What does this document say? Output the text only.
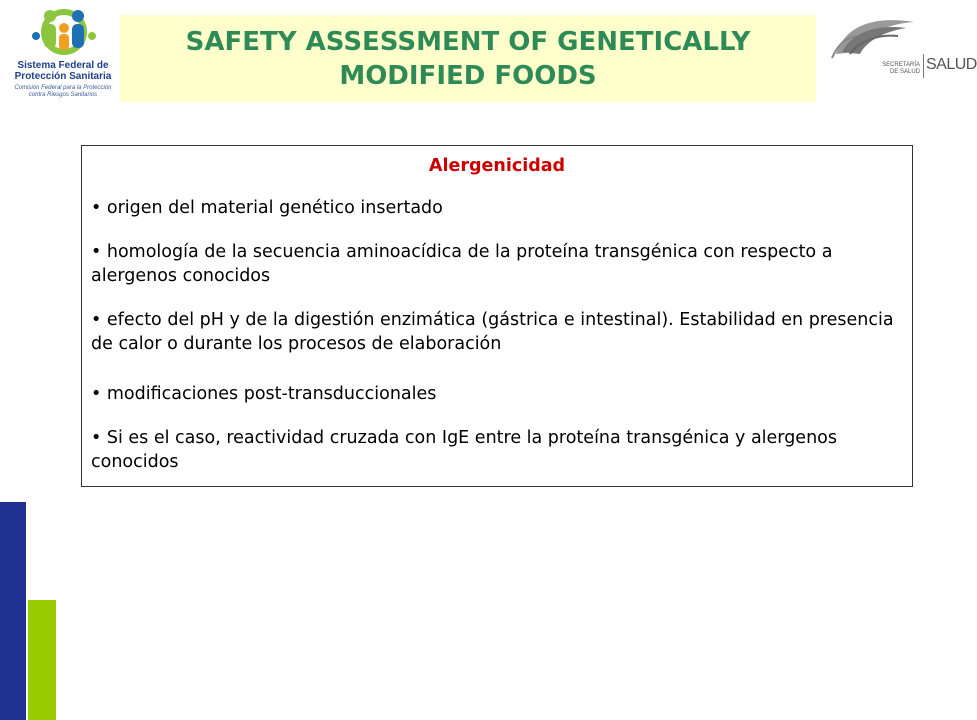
Sistema Federal de Protección Sanitaria
Comisión Federal para la Protección contra Riesgos Sanitarios
SAFETY ASSESSMENT OF GENETICALLY MODIFIED FOODS	SECRETARÍA DE SALUD SALUD
Alergenicidad
• origen del material genético insertado
• homología de la secuencia aminoacídica de la proteína transgénica con respecto a alergenos conocidos
• efecto del pH y de la digestión enzimática (gástrica e intestinal). Estabilidad en presencia de calor o durante los procesos de elaboración
• modificaciones post-transduccionales
• Si es el caso, reactividad cruzada con IgE entre la proteína transgénica y alergenos conocidos
